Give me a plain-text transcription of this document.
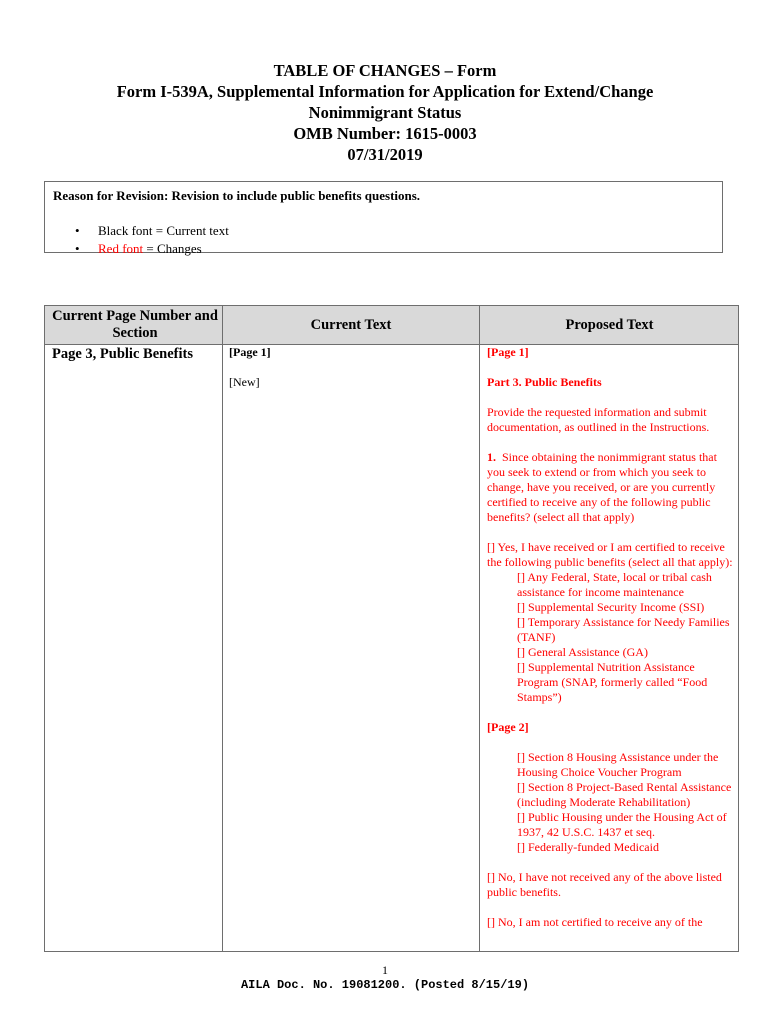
TABLE OF CHANGES – Form
Form I-539A, Supplemental Information for Application for Extend/Change
Nonimmigrant Status
OMB Number: 1615-0003
07/31/2019
Reason for Revision: Revision to include public benefits questions.
• Black font = Current text
• Red font = Changes
Current Page Number and Section
Current Text	Proposed Text
Page 3, Public Benefits	[Page 1]

[New]

[Page 1]

Part 3. Public Benefits

Provide the requested information and submit documentation, as outlined in the Instructions.

1. Since obtaining the nonimmigrant status that you seek to extend or from which you seek to change, have you received, or are you currently certified to receive any of the following public benefits? (select all that apply)

[] Yes, I have received or I am certified to receive the following public benefits (select all that apply):

[] Any Federal, State, local or tribal cash assistance for income maintenance
[] Supplemental Security Income (SSI)
[] Temporary Assistance for Needy Families (TANF)
[] General Assistance (GA)
[] Supplemental Nutrition Assistance Program (SNAP, formerly called “Food Stamps”)

[Page 2]

[] Section 8 Housing Assistance under the Housing Choice Voucher Program
[] Section 8 Project-Based Rental Assistance (including Moderate Rehabilitation)
[] Public Housing under the Housing Act of 1937, 42 U.S.C. 1437 et seq.
[] Federally-funded Medicaid

[] No, I have not received any of the above listed public benefits.

[] No, I am not certified to receive any of the

1
AILA Doc. No. 19081200. (Posted 8/15/19)
